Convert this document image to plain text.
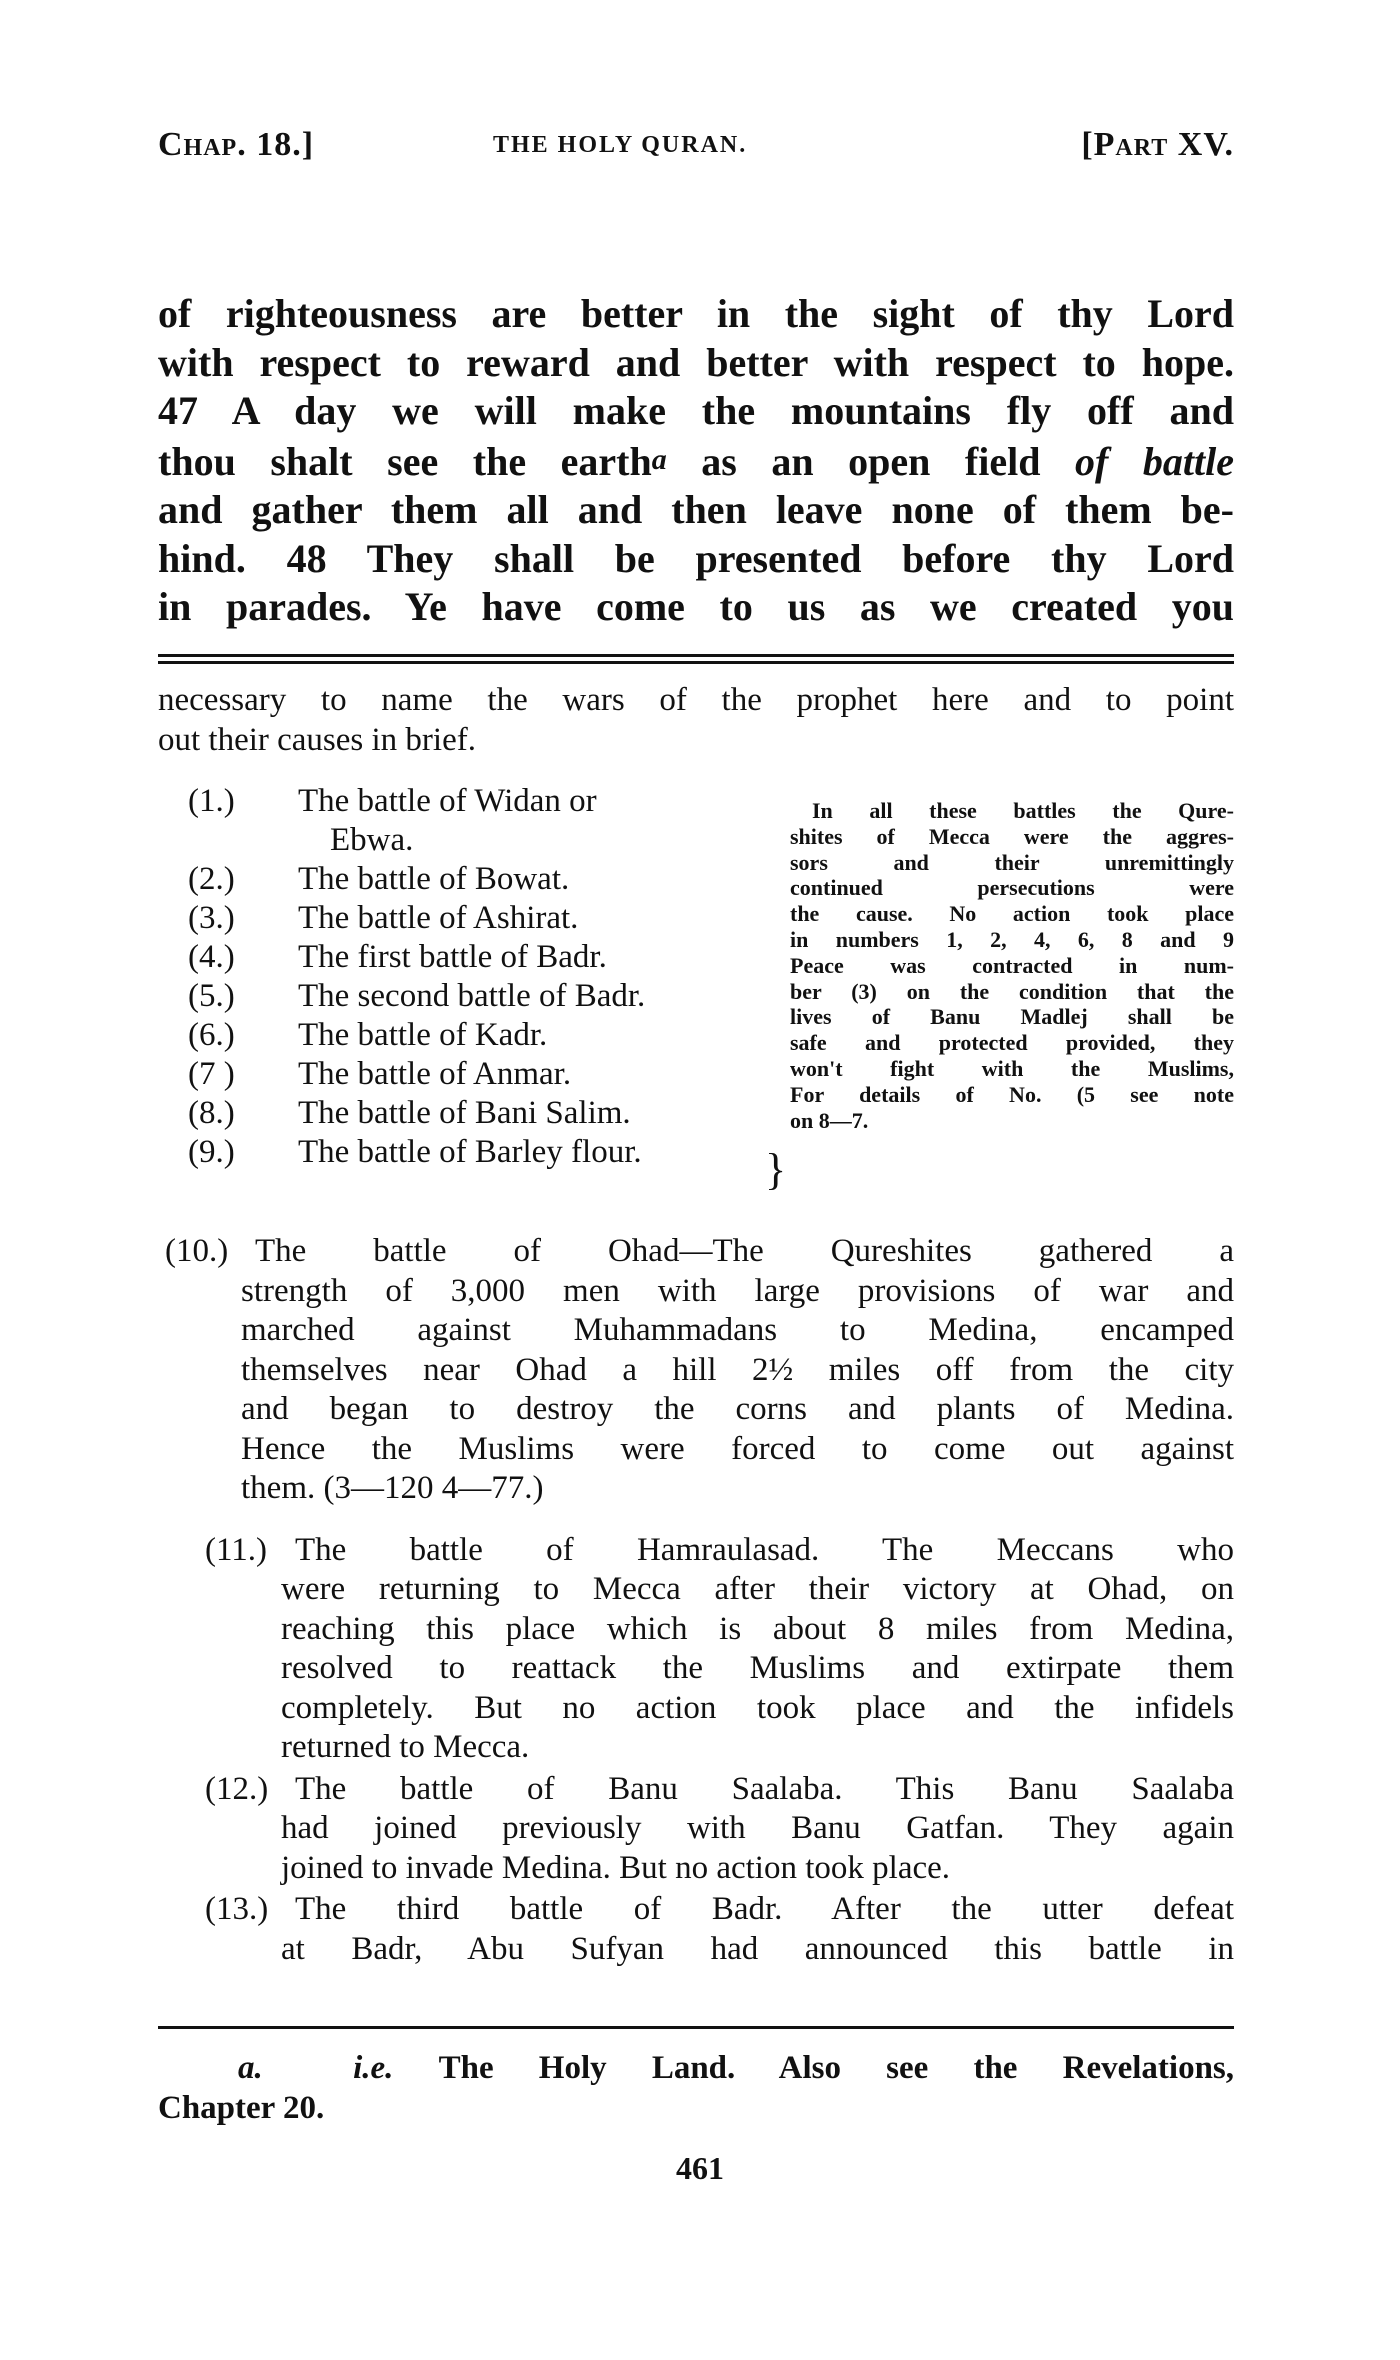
Chap. 18.]	THE HOLY QURAN.	[Part XV.
of righteousness are better in the sight of thy Lord
with respect to reward and better with respect to hope.
47 A day we will make the mountains fly off and
thou shalt see the eartha as an open field of battle
and gather them all and then leave none of them be-
hind. 48 They shall be presented before thy Lord
in parades. Ye have come to us as we created you
necessary to name the wars of the prophet here and to point
out their causes in brief.
(1.) The battle of Widan or
Ebwa.
(2.) The battle of Bowat.
(3.) The battle of Ashirat.
(4.) The first battle of Badr.
(5.) The second battle of Badr.
(6.) The battle of Kadr.
(7 ) The battle of Anmar.
(8.) The battle of Bani Salim.
(9.) The battle of Barley flour.
In all these battles the Qure-
shites of Mecca were the aggres-
sors and their unremittingly
continued persecutions were
the cause. No action took place
in numbers 1, 2, 4, 6, 8 and 9
Peace was contracted in num-
ber (3) on the condition that the
lives of Banu Madlej shall be
safe and protected provided, they
won't fight with the Muslims,
For details of No. (5 see note
on 8—7.
}
(10.) The battle of Ohad—The Qureshites gathered a
strength of 3,000 men with large provisions of war and
marched against Muhammadans to Medina, encamped
themselves near Ohad a hill 2½ miles off from the city
and began to destroy the corns and plants of Medina.
Hence the Muslims were forced to come out against
them. (3—120 4—77.)
(11.) The battle of Hamraulasad. The Meccans who
were returning to Mecca after their victory at Ohad, on
reaching this place which is about 8 miles from Medina,
resolved to reattack the Muslims and extirpate them
completely. But no action took place and the infidels
returned to Mecca.
(12.) The battle of Banu Saalaba. This Banu Saalaba
had joined previously with Banu Gatfan. They again
joined to invade Medina. But no action took place.
(13.) The third battle of Badr. After the utter defeat
at Badr, Abu Sufyan had announced this battle in
a.	i.e. The Holy Land. Also see the Revelations,
Chapter 20.
461
